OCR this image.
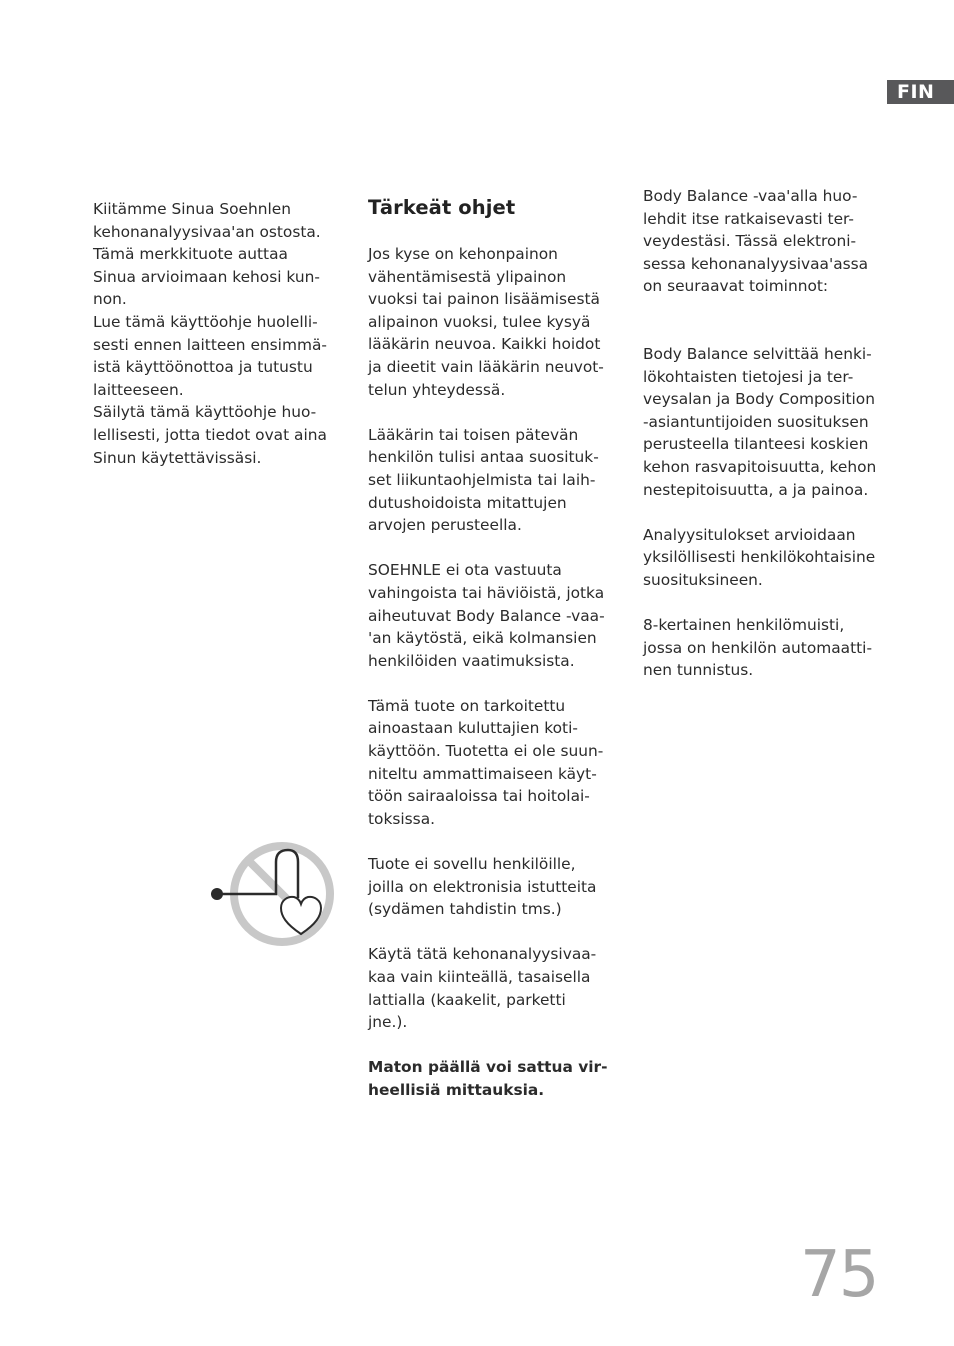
FIN

Kiitämme Sinua Soehnlen
kehonanalyysivaa'an ostosta.
Tämä merkkituote auttaa
Sinua arvioimaan kehosi kun-
non.
Lue tämä käyttöohje huolelli-
sesti ennen laitteen ensimmä-
istä käyttöönottoa ja tutustu
laitteeseen.
Säilytä tämä käyttöohje huo-
lellisesti, jotta tiedot ovat aina
Sinun käytettävissäsi.

Tärkeät ohjet

Jos kyse on kehonpainon
vähentämisestä ylipainon
vuoksi tai painon lisäämisestä
alipainon vuoksi, tulee kysyä
lääkärin neuvoa. Kaikki hoidot
ja dieetit vain lääkärin neuvot-
telun yhteydessä.

Lääkärin tai toisen pätevän
henkilön tulisi antaa suosituk-
set liikuntaohjelmista tai laih-
dutushoidoista mitattujen
arvojen perusteella.

SOEHNLE ei ota vastuuta
vahingoista tai häviöistä, jotka
aiheutuvat Body Balance -vaa-
'an käytöstä, eikä kolmansien
henkilöiden vaatimuksista.

Tämä tuote on tarkoitettu
ainoastaan kuluttajien koti-
käyttöön. Tuotetta ei ole suun-
niteltu ammattimaiseen käyt-
töön sairaaloissa tai hoitolai-
toksissa.

Tuote ei sovellu henkilöille,
joilla on elektronisia istutteita
(sydämen tahdistin tms.)

Käytä tätä kehonanalyysivaa-
kaa vain kiinteällä, tasaisella
lattialla (kaakelit, parketti
jne.).

Maton päällä voi sattua vir-
heellisiä mittauksia.

Body Balance -vaa'alla huo-
lehdit itse ratkaisevasti ter-
veydestäsi. Tässä elektroni-
sessa kehonanalyysivaa'assa
on seuraavat toiminnot:

Body Balance selvittää henki-
lökohtaisten tietojesi ja ter-
veysalan ja Body Composition
-asiantuntijoiden suosituksen
perusteella tilanteesi koskien
kehon rasvapitoisuutta, kehon
nestepitoisuutta, a ja painoa.

Analyysitulokset arvioidaan
yksilöllisesti henkilökohtaisine
suosituksineen.

8-kertainen henkilömuisti,
jossa on henkilön automaatti-
nen tunnistus.

75
